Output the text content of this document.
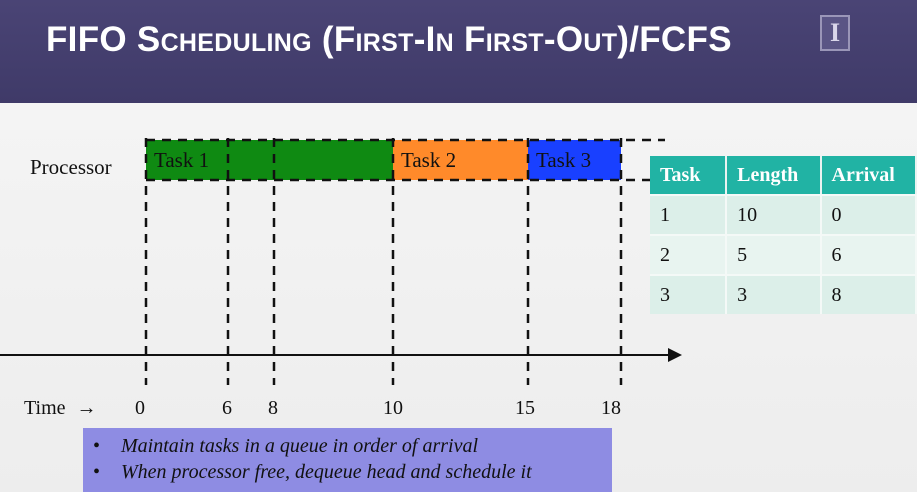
FIFO Scheduling (First-In First-Out)/FCFS	I
Processor	Task 1	Task 2	Task 3
Task	Length	Arrival
1	10	0
2	5	6
3	3	8
Time → 0	6 8	10	15	18
• Maintain tasks in a queue in order of arrival
• When processor free, dequeue head and schedule it
